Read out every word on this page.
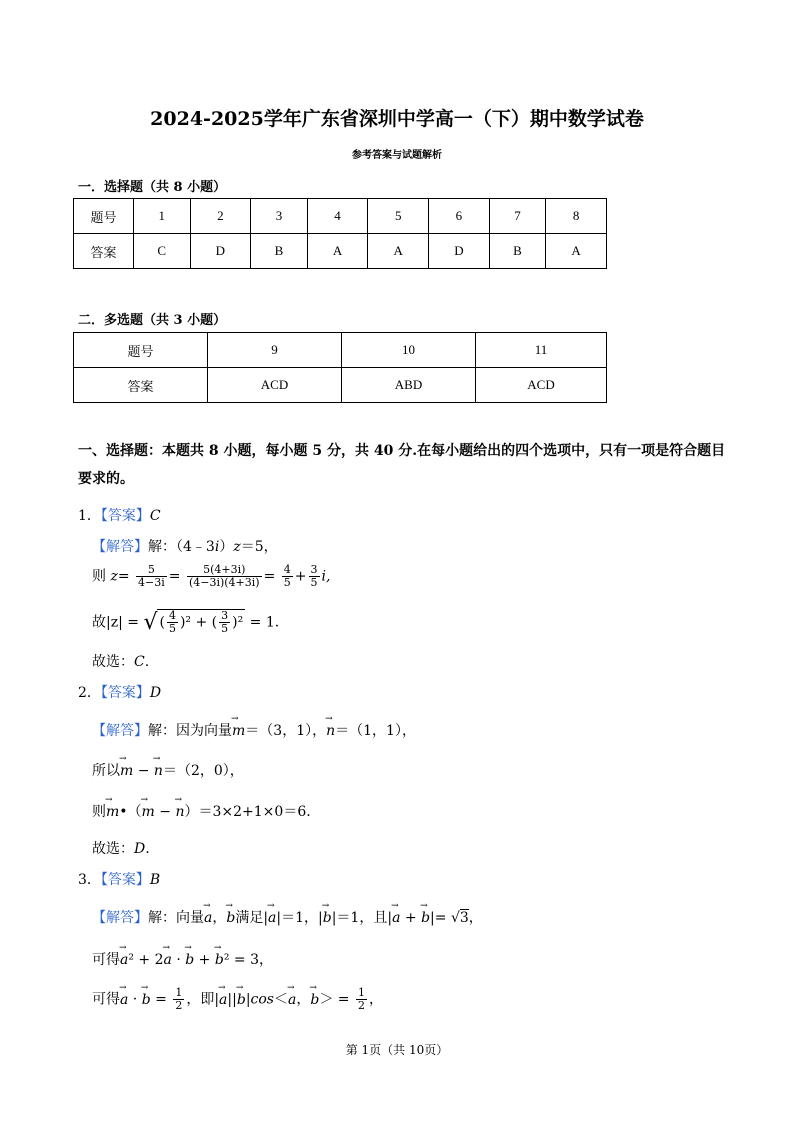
2024-2025学年广东省深圳中学高一（下）期中数学试卷
参考答案与试题解析
一．选择题（共 8 小题）
题号	1	2	3	4	5	6	7	8
答案	C	D	B	A	A	D	B	A
二．多选题（共 3 小题）
题号	9	10	11
答案	ACD	ABD	ACD
一、选择题：本题共 8 小题，每小题 5 分，共 40 分.在每小题给出的四个选项中，只有一项是符合题目要求的。
1．【答案】C
【解答】解：（4﹣3i）z＝5，
则 $z= \frac{5}{4-3i} = \frac{5(4+3i)}{(4-3i)(4+3i)} = \frac{4}{5} + \frac{3}{5} i$,
故|z| = √ ( $\frac{4}{5} )^2$ + ( $\frac{3}{5} )^2 = 1$.
故选：C.
2．【答案】D
【解答】解：因为向量→ m＝（3，1），→ n＝（1，1），
所以→ m − → n＝（2，0），
则→ m•（→ m − → n）＝3×2+1×0＝6.
故选：D.
3．【答案】B
【解答】解：向量→ a，→ b满足|→ a|＝1，|→ b|＝1，且|→ a + → b|= √3，
可得→ a² + 2→ a · → b + → b² = 3，
可得→ a · → $b = \frac{1}{2}$ ，即|→ a||→ b|cos＜→ a，→ $b> = \frac{1}{2}$ ，
第 1页（共 10页）
